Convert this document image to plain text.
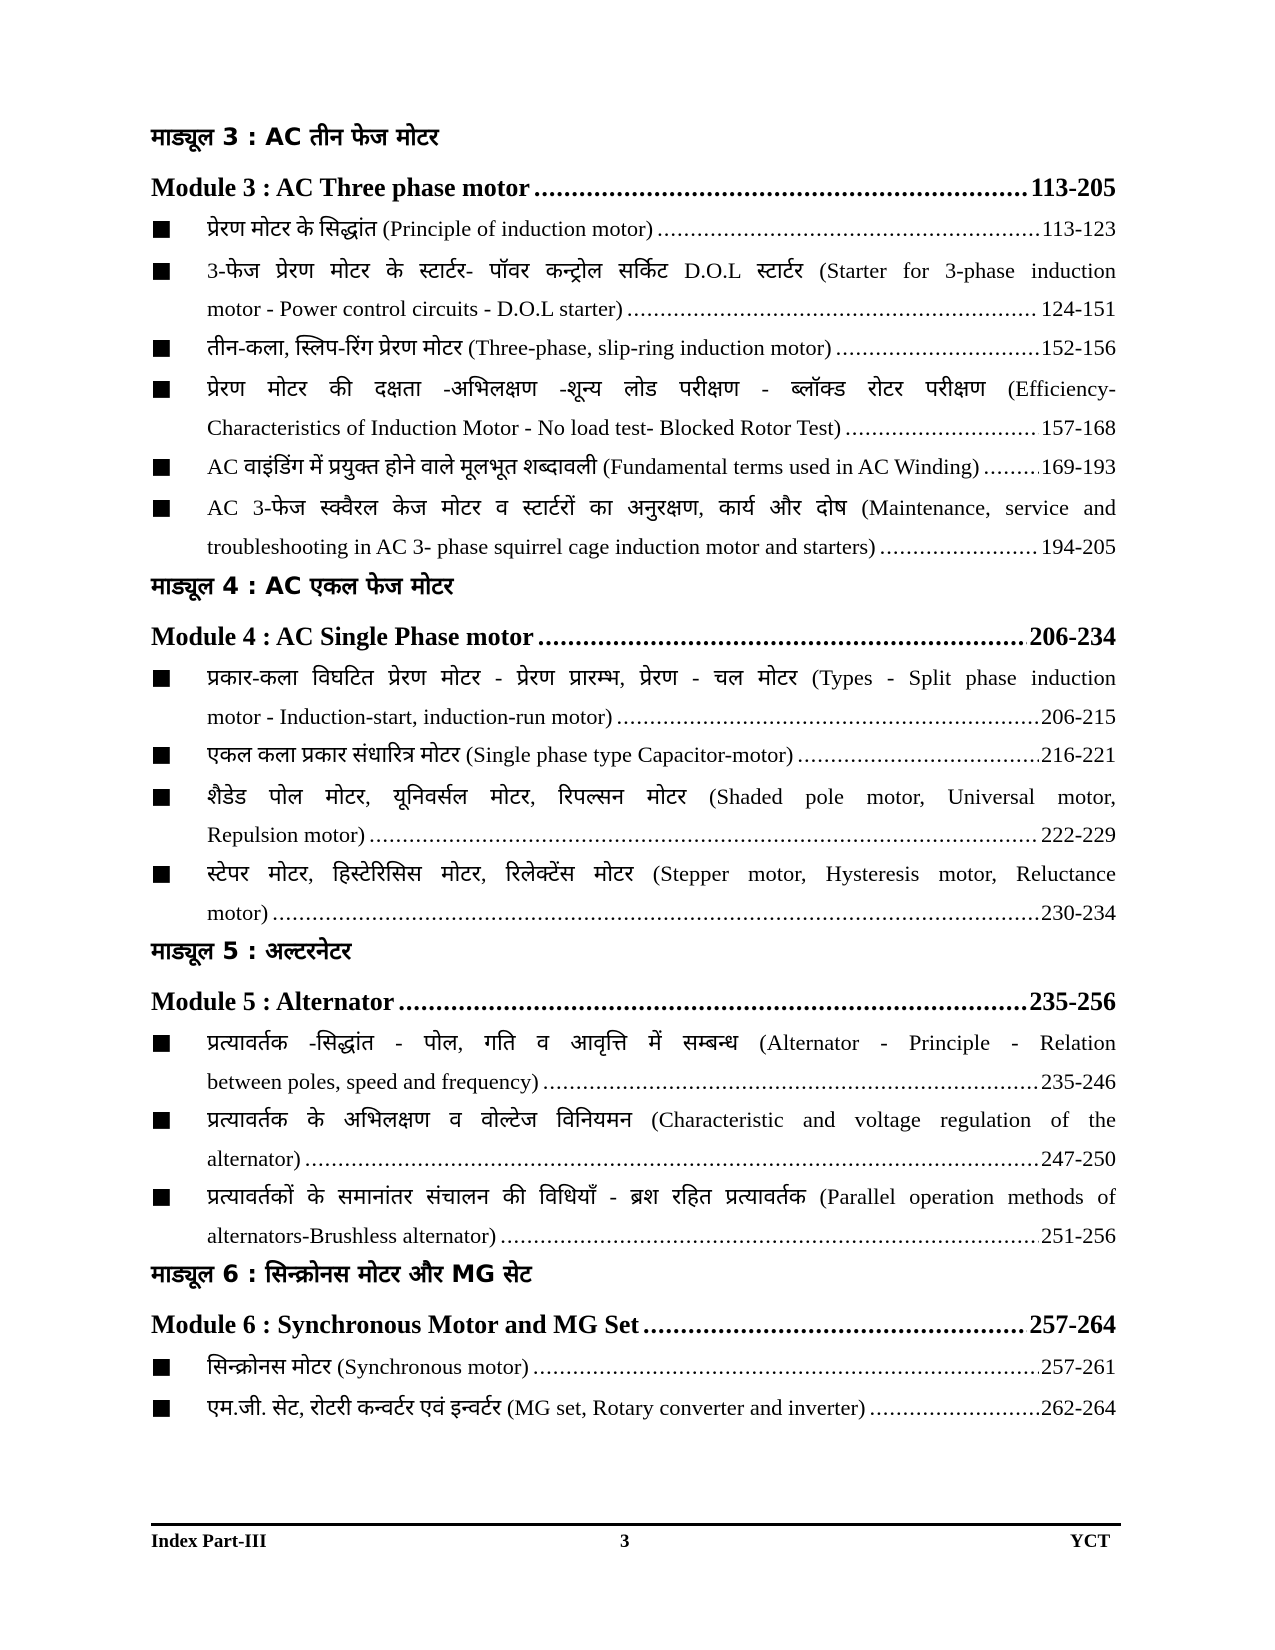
माड्यूल 3 : AC तीन फेज मोटर
Module 3 : AC Three phase motor .....	113-205
■ प्रेरण मोटर के सिद्धांत (Principle of induction motor) .....	113-123
■ 3-फेज प्रेरण मोटर के स्टार्टर- पॉवर कन्ट्रोल सर्किट D.O.L स्टार्टर (Starter for 3-phase induction
motor - Power control circuits - D.O.L starter) .....	124-151
■ तीन-कला, स्लिप-रिंग प्रेरण मोटर (Three-phase, slip-ring induction motor) .....	152-156
■ प्रेरण मोटर की दक्षता -अभिलक्षण -शून्य लोड परीक्षण - ब्लॉक्ड रोटर परीक्षण (Efficiency-
Characteristics of Induction Motor - No load test- Blocked Rotor Test) .....	157-168
■ AC वाइंडिंग में प्रयुक्त होने वाले मूलभूत शब्दावली (Fundamental terms used in AC Winding) .....	169-193
■ AC 3-फेज स्क्वैरल केज मोटर व स्टार्टरों का अनुरक्षण, कार्य और दोष (Maintenance, service and
troubleshooting in AC 3- phase squirrel cage induction motor and starters) .....	194-205
माड्यूल 4 : AC एकल फेज मोटर
Module 4 : AC Single Phase motor .....	206-234
■ प्रकार-कला विघटित प्रेरण मोटर - प्रेरण प्रारम्भ, प्रेरण - चल मोटर (Types - Split phase induction
motor - Induction-start, induction-run motor) .....	206-215
■ एकल कला प्रकार संधारित्र मोटर (Single phase type Capacitor-motor) .....	216-221
■ शैडेड पोल मोटर, यूनिवर्सल मोटर, रिपल्सन मोटर (Shaded pole motor, Universal motor,
Repulsion motor) .....	222-229
■ स्टेपर मोटर, हिस्टेरिसिस मोटर, रिलेक्टेंस मोटर (Stepper motor, Hysteresis motor, Reluctance
motor) .....	230-234
माड्यूल 5 : अल्टरनेटर
Module 5 : Alternator .....	235-256
■ प्रत्यावर्तक -सिद्धांत - पोल, गति व आवृत्ति में सम्बन्ध (Alternator - Principle - Relation
between poles, speed and frequency) .....	235-246
■ प्रत्यावर्तक के अभिलक्षण व वोल्टेज विनियमन (Characteristic and voltage regulation of the
alternator) .....	247-250
■ प्रत्यावर्तकों के समानांतर संचालन की विधियाँ - ब्रश रहित प्रत्यावर्तक (Parallel operation methods of
alternators-Brushless alternator) .....	251-256
माड्यूल 6 : सिन्क्रोनस मोटर और MG सेट
Module 6 : Synchronous Motor and MG Set .....	257-264
■ सिन्क्रोनस मोटर (Synchronous motor) .....	257-261
■ एम.जी. सेट, रोटरी कन्वर्टर एवं इन्वर्टर (MG set, Rotary converter and inverter) .....	262-264
Index Part-III	3	YCT
